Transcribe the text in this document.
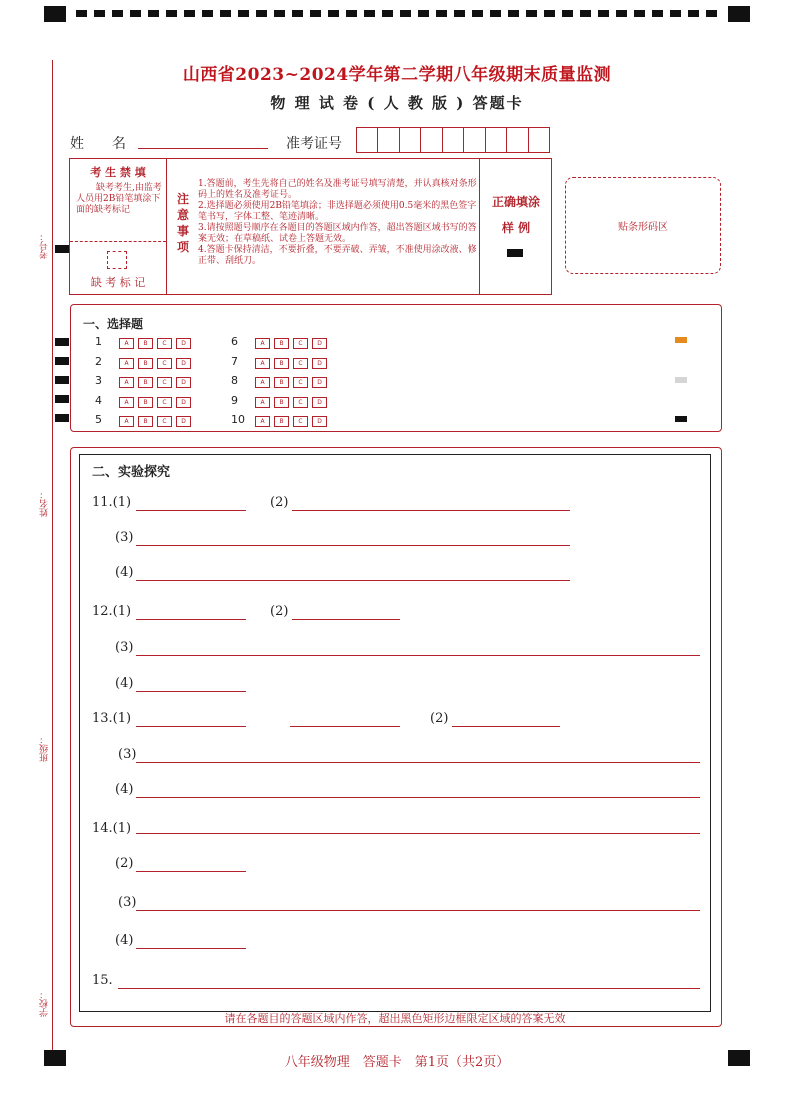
考号：
姓名：
班级：
学校：
山西省2023~2024学年第二学期八年级期末质量监测
物 理 试 卷 ( 人 教 版 ) 答题卡
姓　　名	准考证号
考 生 禁 填
缺考考生,由监考人员用2B铅笔填涂下面的缺考标记
缺 考 标 记
注意事项
1.答题前，考生先将自己的姓名及准考证号填写清楚，并认真核对条形码上的姓名及准考证号。
2.选择题必须使用2B铅笔填涂；非选择题必须使用0.5毫米的黑色签字笔书写，字体工整、笔迹清晰。
3.请按照题号顺序在各题目的答题区域内作答，超出答题区域书写的答案无效；在草稿纸、试卷上答题无效。
4.答题卡保持清洁，不要折叠，不要弄破、弄皱，不准使用涂改液、修正带、刮纸刀。
正确填涂
样 例	贴条形码区
一、选择题
1	A B C D
2	A B C D
3	A B C D
4	A B C D
5	A B C D
6	A B C D
7	A B C D
8	A B C D
9	A B C D
10	A B C D
二、实验探究
11.(1)	(2)
(3)
(4)
12.(1)	(2)
(3)
(4)
13.(1)	(2)
(3)
(4)
14.(1)
(2)
(3)
(4)
15.
请在各题目的答题区域内作答，超出黑色矩形边框限定区域的答案无效
八年级物理　答题卡　第1页（共2页）
